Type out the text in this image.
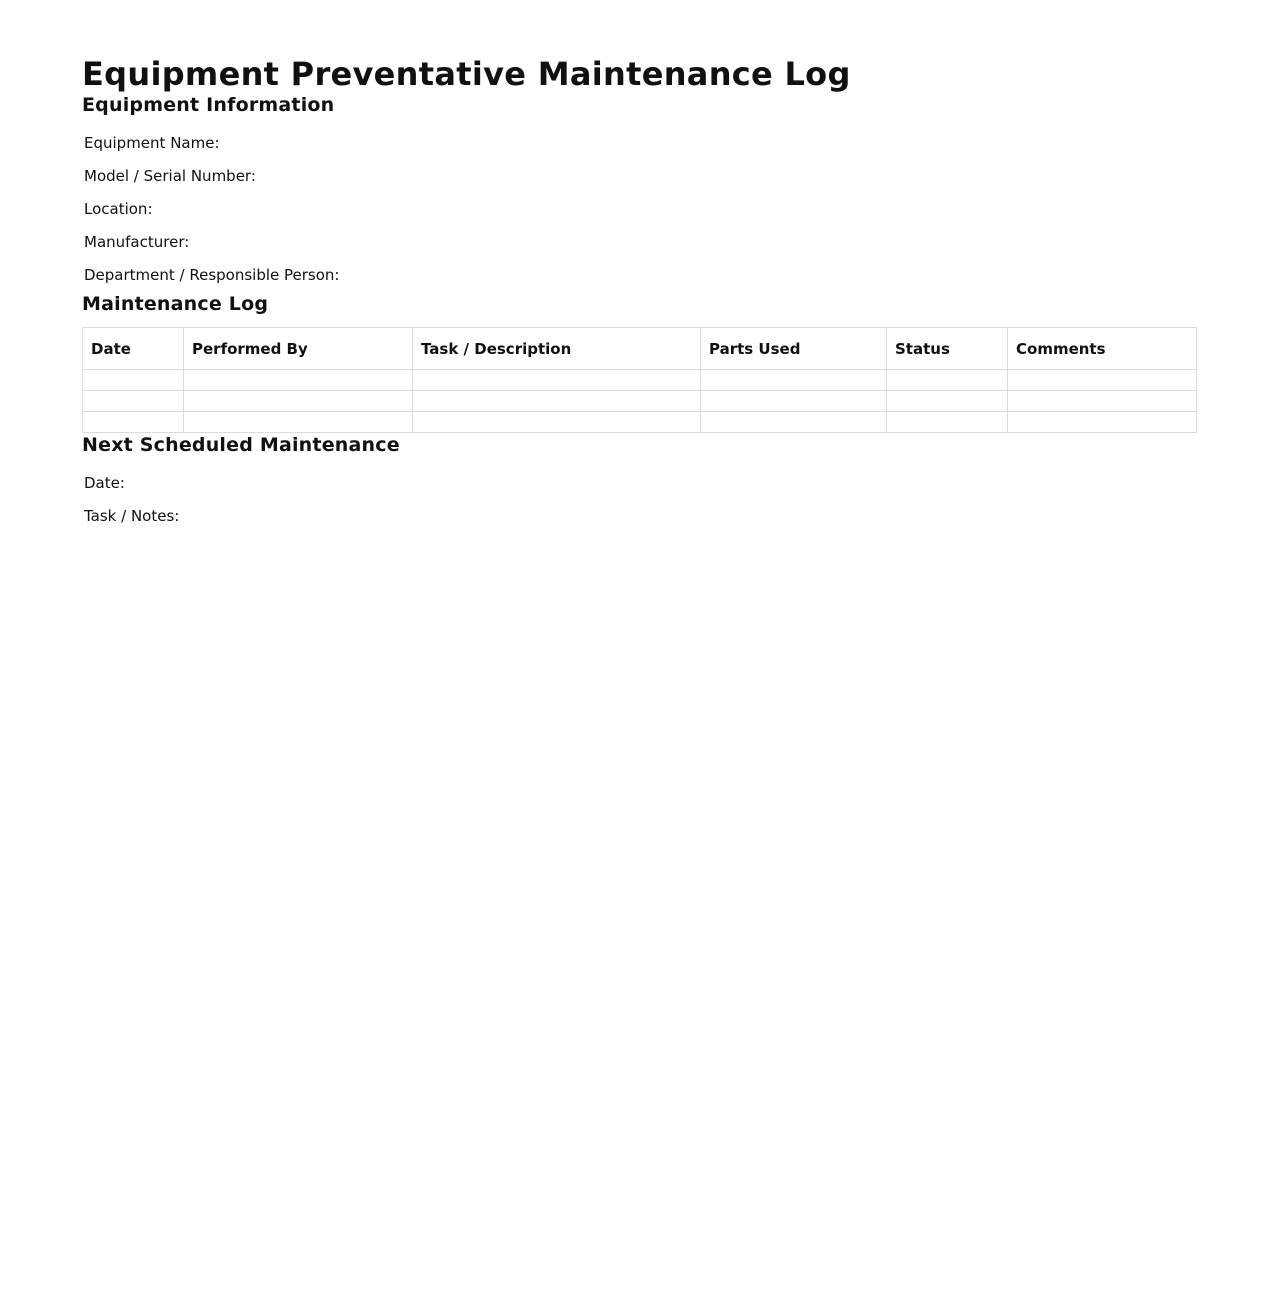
Equipment Preventative Maintenance Log
Equipment Information
Equipment Name:
Model / Serial Number:
Location:
Manufacturer:
Department / Responsible Person:
Maintenance Log
Date	Performed By	Task / Description	Parts Used	Status	Comments

Next Scheduled Maintenance
Date:
Task / Notes:
